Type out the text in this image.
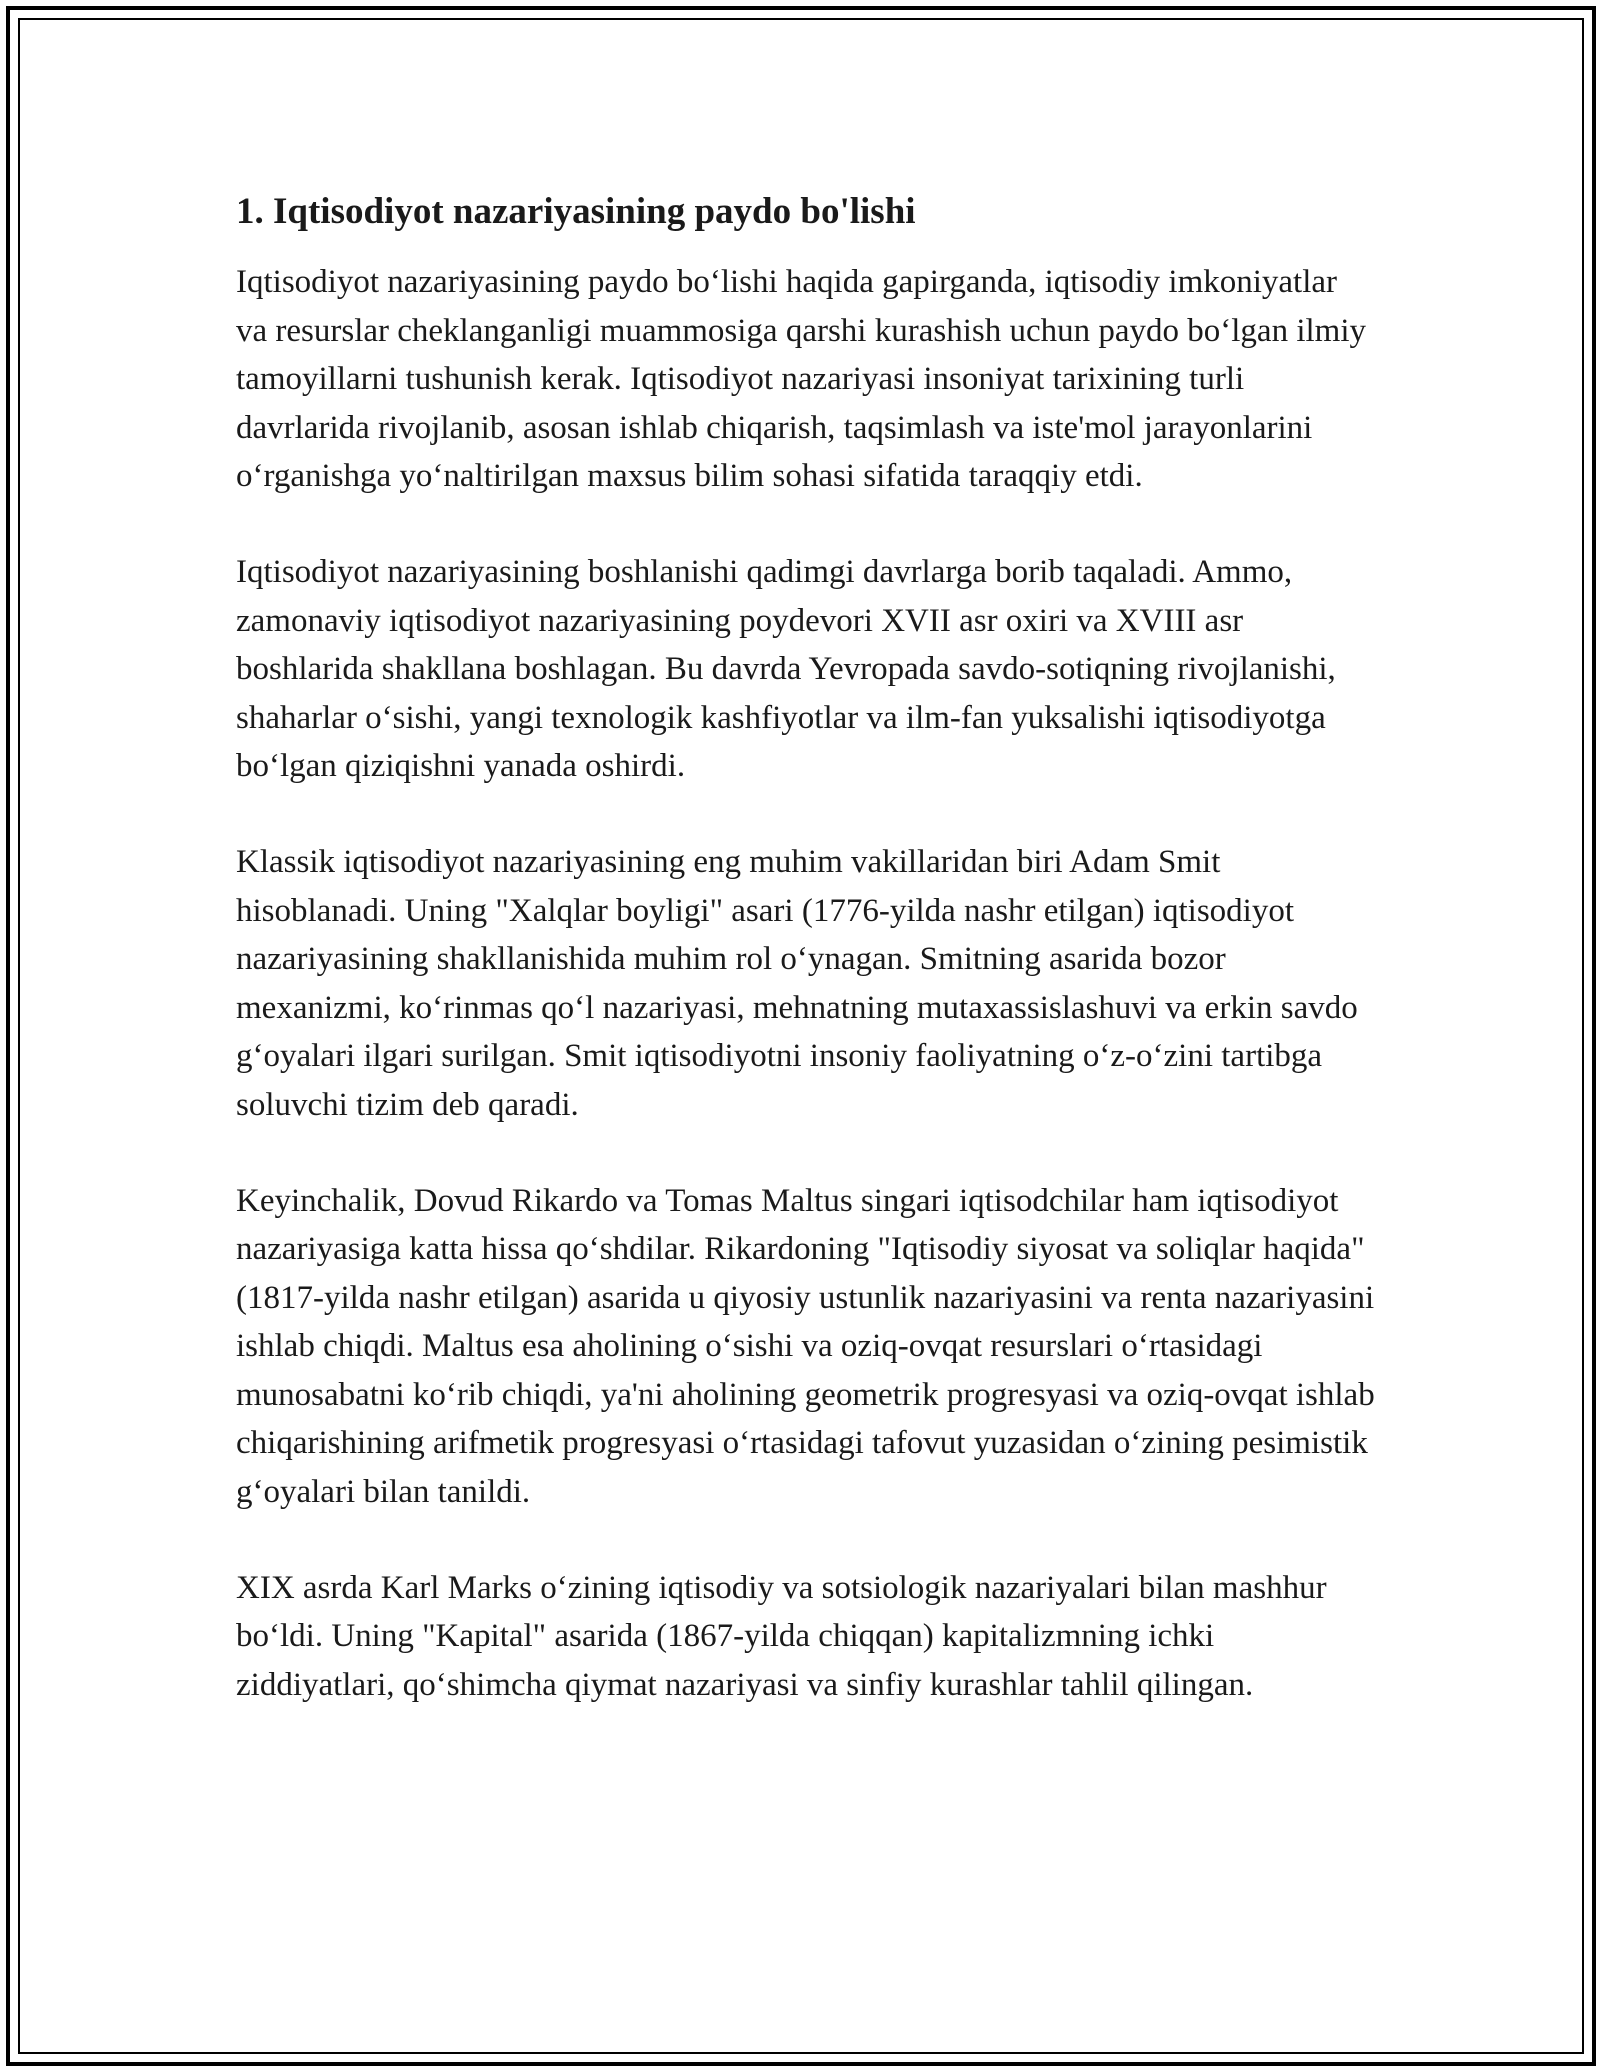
1. Iqtisodiyot nazariyasining paydo bo'lishi

Iqtisodiyot nazariyasining paydo bo‘lishi haqida gapirganda, iqtisodiy imkoniyatlar va resurslar cheklanganligi muammosiga qarshi kurashish uchun paydo bo‘lgan ilmiy tamoyillarni tushunish kerak. Iqtisodiyot nazariyasi insoniyat tarixining turli davrlarida rivojlanib, asosan ishlab chiqarish, taqsimlash va iste'mol jarayonlarini o‘rganishga yo‘naltirilgan maxsus bilim sohasi sifatida taraqqiy etdi.

Iqtisodiyot nazariyasining boshlanishi qadimgi davrlarga borib taqaladi. Ammo, zamonaviy iqtisodiyot nazariyasining poydevori XVII asr oxiri va XVIII asr boshlarida shakllana boshlagan. Bu davrda Yevropada savdo-sotiqning rivojlanishi, shaharlar o‘sishi, yangi texnologik kashfiyotlar va ilm-fan yuksalishi iqtisodiyotga bo‘lgan qiziqishni yanada oshirdi.

Klassik iqtisodiyot nazariyasining eng muhim vakillaridan biri Adam Smit hisoblanadi. Uning "Xalqlar boyligi" asari (1776-yilda nashr etilgan) iqtisodiyot nazariyasining shakllanishida muhim rol o‘ynagan. Smitning asarida bozor mexanizmi, ko‘rinmas qo‘l nazariyasi, mehnatning mutaxassislashuvi va erkin savdo g‘oyalari ilgari surilgan. Smit iqtisodiyotni insoniy faoliyatning o‘z-o‘zini tartibga soluvchi tizim deb qaradi.

Keyinchalik, Dovud Rikardo va Tomas Maltus singari iqtisodchilar ham iqtisodiyot nazariyasiga katta hissa qo‘shdilar. Rikardoning "Iqtisodiy siyosat va soliqlar haqida" (1817-yilda nashr etilgan) asarida u qiyosiy ustunlik nazariyasini va renta nazariyasini ishlab chiqdi. Maltus esa aholining o‘sishi va oziq-ovqat resurslari o‘rtasidagi munosabatni ko‘rib chiqdi, ya'ni aholining geometrik progresyasi va oziq-ovqat ishlab chiqarishining arifmetik progresyasi o‘rtasidagi tafovut yuzasidan o‘zining pesimistik g‘oyalari bilan tanildi.

XIX asrda Karl Marks o‘zining iqtisodiy va sotsiologik nazariyalari bilan mashhur bo‘ldi. Uning "Kapital" asarida (1867-yilda chiqqan) kapitalizmning ichki ziddiyatlari, qo‘shimcha qiymat nazariyasi va sinfiy kurashlar tahlil qilingan.
